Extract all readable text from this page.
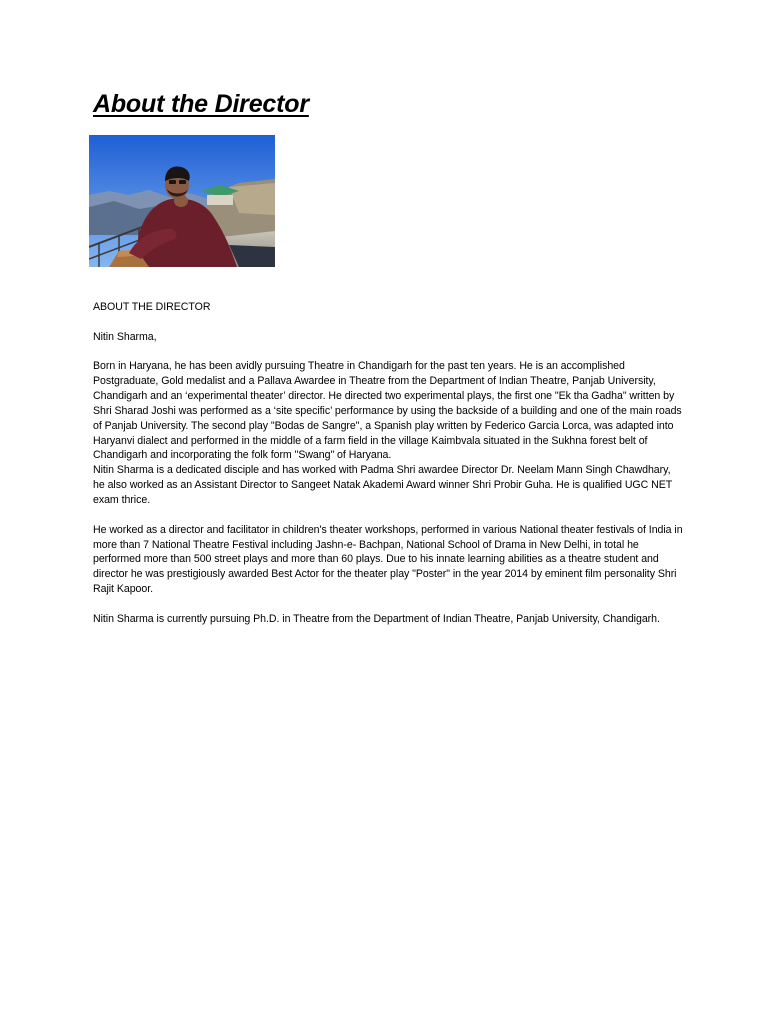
About the Director

ABOUT THE DIRECTOR

Nitin Sharma,

Born in Haryana, he has been avidly pursuing Theatre in Chandigarh for the past ten years. He is an accomplished Postgraduate, Gold medalist and a Pallava Awardee in Theatre from the Department of Indian Theatre, Panjab University, Chandigarh and an ‘experimental theater’ director. He directed two experimental plays, the first one "Ek tha Gadha" written by Shri Sharad Joshi was performed as a ‘site specific’ performance by using the backside of a building and one of the main roads of Panjab University. The second play "Bodas de Sangre", a Spanish play written by Federico Garcia Lorca, was adapted into Haryanvi dialect and performed in the middle of a farm field in the village Kaimbvala situated in the Sukhna forest belt of Chandigarh and incorporating the folk form "Swang" of Haryana.

Nitin Sharma is a dedicated disciple and has worked with Padma Shri awardee Director Dr. Neelam Mann Singh Chawdhary, he also worked as an Assistant Director to Sangeet Natak Akademi Award winner Shri Probir Guha. He is qualified UGC NET exam thrice.

He worked as a director and facilitator in children's theater workshops, performed in various National theater festivals of India in more than 7 National Theatre Festival including Jashn-e- Bachpan, National School of Drama in New Delhi, in total he performed more than 500 street plays and more than 60 plays. Due to his innate learning abilities as a theatre student and director he was prestigiously awarded Best Actor for the theater play "Poster" in the year 2014 by eminent film personality Shri Rajit Kapoor.

Nitin Sharma is currently pursuing Ph.D. in Theatre from the Department of Indian Theatre, Panjab University, Chandigarh.
